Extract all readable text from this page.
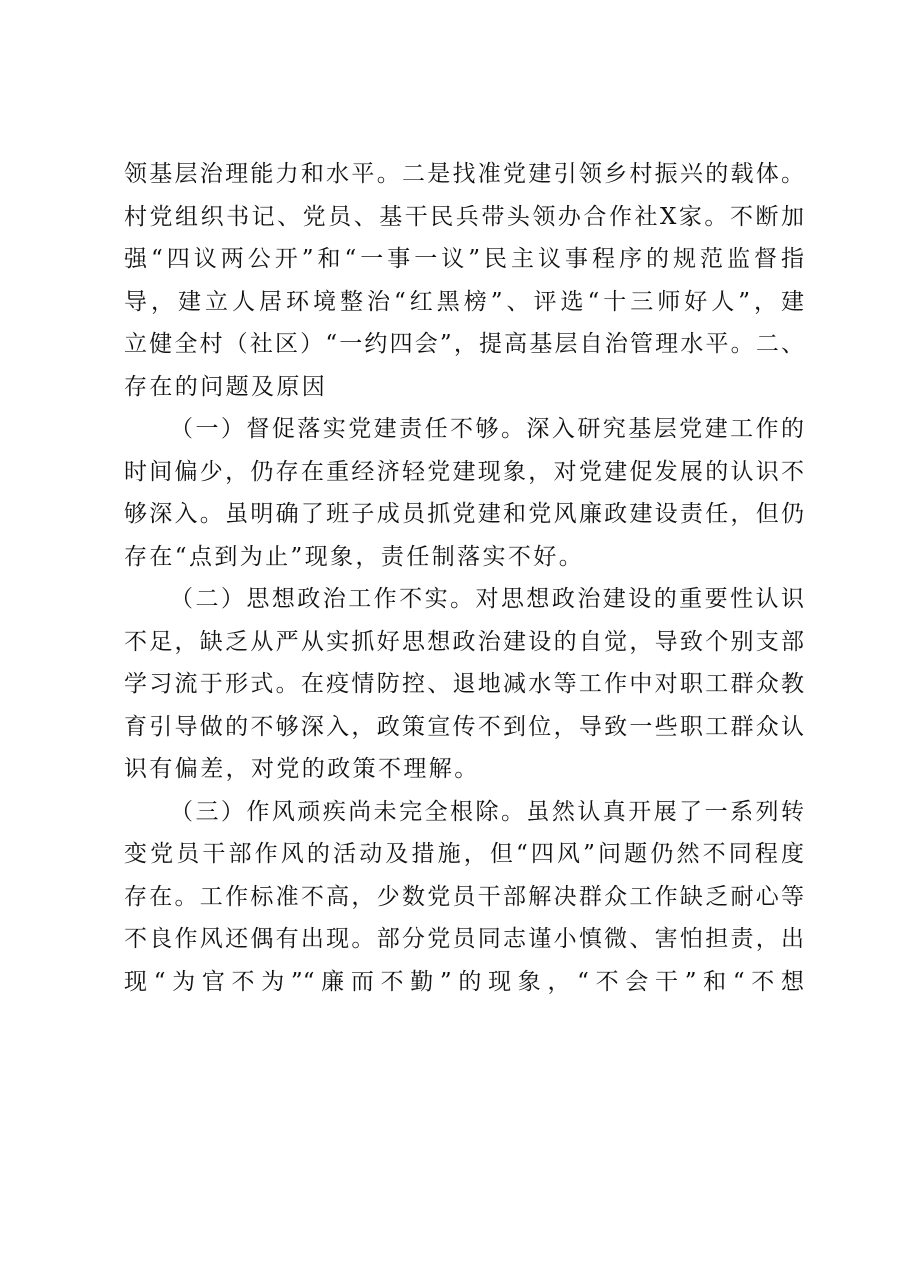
领基层治理能力和水平。二是找准党建引领乡村振兴的载体。
村党组织书记、党员、基干民兵带头领办合作社X家。不断加
强“四议两公开”和“一事一议”民主议事程序的规范监督指
导，建立人居环境整治“红黑榜”、评选“十三师好人”，建
立健全村（社区）“一约四会”，提高基层自治管理水平。二、
存在的问题及原因
（一）督促落实党建责任不够。深入研究基层党建工作的
时间偏少，仍存在重经济轻党建现象，对党建促发展的认识不
够深入。虽明确了班子成员抓党建和党风廉政建设责任，但仍
存在“点到为止”现象，责任制落实不好。
（二）思想政治工作不实。对思想政治建设的重要性认识
不足，缺乏从严从实抓好思想政治建设的自觉，导致个别支部
学习流于形式。在疫情防控、退地减水等工作中对职工群众教
育引导做的不够深入，政策宣传不到位，导致一些职工群众认
识有偏差，对党的政策不理解。
（三）作风顽疾尚未完全根除。虽然认真开展了一系列转
变党员干部作风的活动及措施，但“四风”问题仍然不同程度
存在。工作标准不高，少数党员干部解决群众工作缺乏耐心等
不良作风还偶有出现。部分党员同志谨小慎微、害怕担责，出
现“为官不为”“廉而不勤”的现象，“不会干”和“不想
